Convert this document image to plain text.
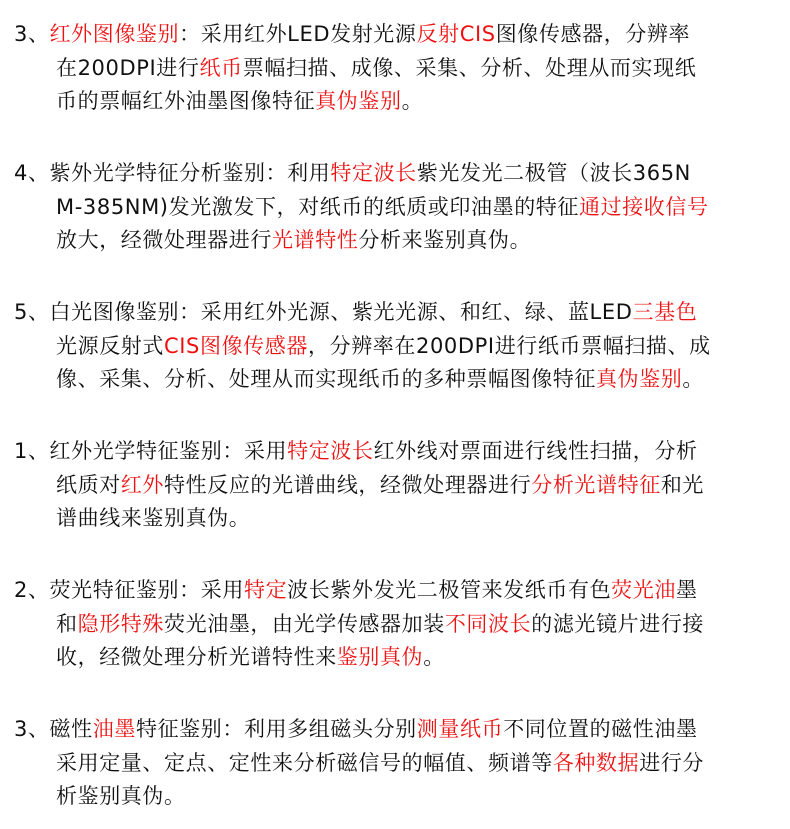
3、红外图像鉴别：采用红外LED发射光源反射CIS图像传感器，分辨率
在200DPI进行纸币票幅扫描、成像、采集、分析、处理从而实现纸
币的票幅红外油墨图像特征真伪鉴别。
4、紫外光学特征分析鉴别：利用特定波长紫光发光二极管（波长365N
M-385NM)发光激发下，对纸币的纸质或印油墨的特征通过接收信号
放大，经微处理器进行光谱特性分析来鉴别真伪。
5、白光图像鉴别：采用红外光源、紫光光源、和红、绿、蓝LED三基色
光源反射式CIS图像传感器，分辨率在200DPI进行纸币票幅扫描、成
像、采集、分析、处理从而实现纸币的多种票幅图像特征真伪鉴别。
1、红外光学特征鉴别：采用特定波长红外线对票面进行线性扫描，分析
纸质对红外特性反应的光谱曲线，经微处理器进行分析光谱特征和光
谱曲线来鉴别真伪。
2、荧光特征鉴别：采用特定波长紫外发光二极管来发纸币有色荧光油墨
和隐形特殊荧光油墨，由光学传感器加装不同波长的滤光镜片进行接
收，经微处理分析光谱特性来鉴别真伪。
3、磁性油墨特征鉴别：利用多组磁头分别测量纸币不同位置的磁性油墨
采用定量、定点、定性来分析磁信号的幅值、频谱等各种数据进行分
析鉴别真伪。
